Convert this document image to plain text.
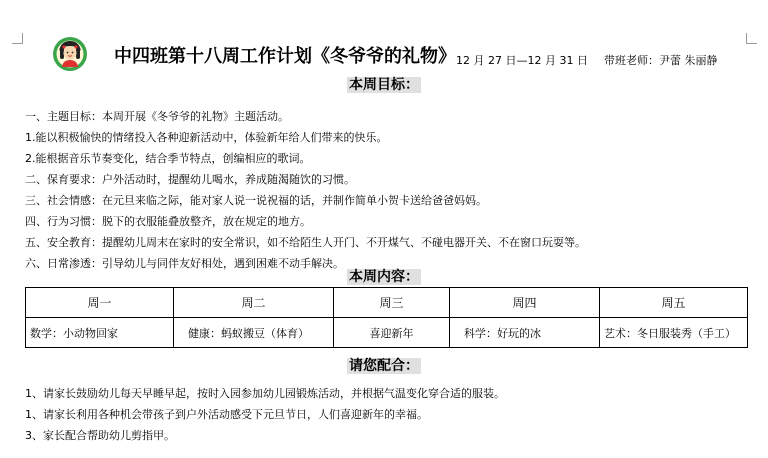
中四班第十八周工作计划《冬爷爷的礼物》 12 月 27 日—12 月 31 日 带班老师：尹蕾 朱丽静
本周目标：
一、主题目标：本周开展《冬爷爷的礼物》主题活动。
1.能以积极愉快的情绪投入各种迎新活动中，体验新年给人们带来的快乐。
2.能根据音乐节奏变化，结合季节特点，创编相应的歌词。
二、保育要求：户外活动时，提醒幼儿喝水，养成随渴随饮的习惯。
三、社会情感：在元旦来临之际，能对家人说一说祝福的话，并制作简单小贺卡送给爸爸妈妈。
四、行为习惯：脱下的衣服能叠放整齐，放在规定的地方。
五、安全教育：提醒幼儿周末在家时的安全常识，如不给陌生人开门、不开煤气、不碰电器开关、不在窗口玩耍等。
六、日常渗透：引导幼儿与同伴友好相处，遇到困难不动手解决。
本周内容：
周一	周二	周三	周四	周五
数学：小动物回家	健康：蚂蚁搬豆（体育）	喜迎新年	科学：好玩的冰	艺术：冬日服装秀（手工）
请您配合：
1、请家长鼓励幼儿每天早睡早起，按时入园参加幼儿园锻炼活动，并根据气温变化穿合适的服装。
1、请家长利用各种机会带孩子到户外活动感受下元旦节日，人们喜迎新年的幸福。
3、家长配合帮助幼儿剪指甲。
